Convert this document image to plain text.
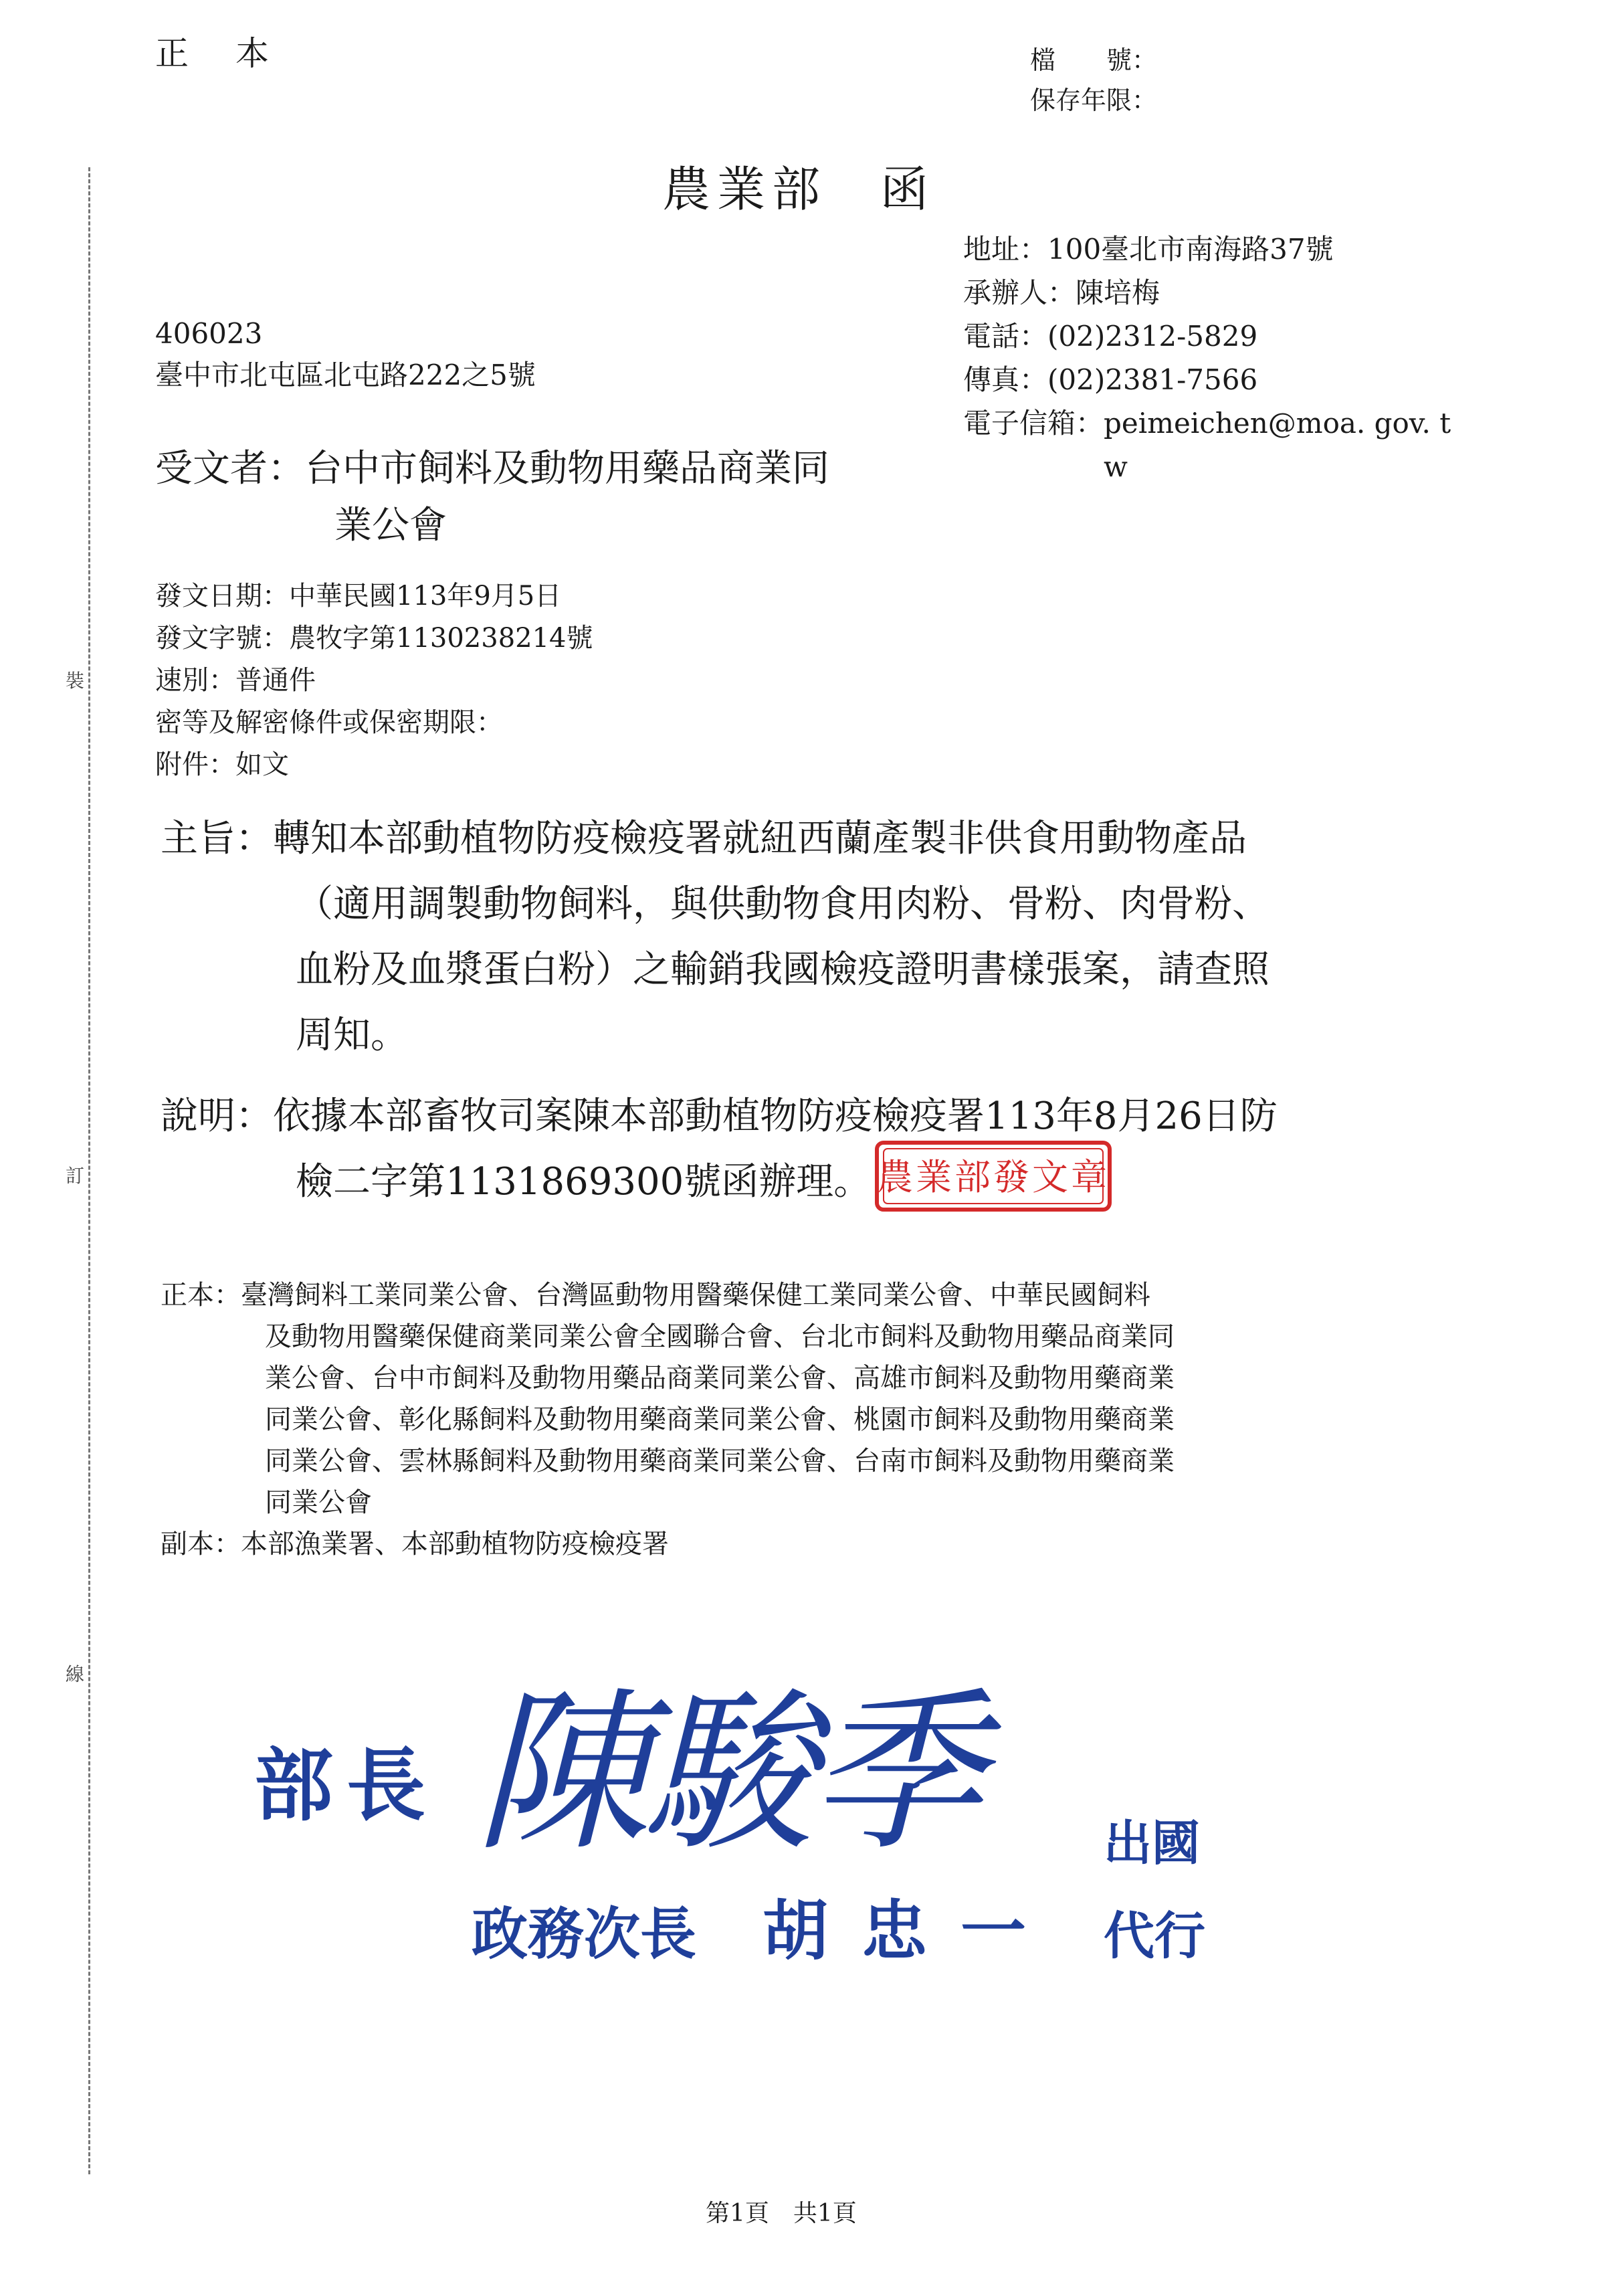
裝
訂
線
正本	檔　　號：
保存年限：
農業部 函
地址：100臺北市南海路37號
承辦人：陳培梅
電話：(02)2312-5829
傳真：(02)2381-7566
電子信箱：peimeichen@moa. gov. t
w
406023
臺中市北屯區北屯路222之5號
受文者：台中市飼料及動物用藥品商業同
業公會
發文日期：中華民國113年9月5日
發文字號：農牧字第1130238214號
速別：普通件
密等及解密條件或保密期限：
附件：如文
主旨：轉知本部動植物防疫檢疫署就紐西蘭產製非供食用動物產品
（適用調製動物飼料，與供動物食用肉粉、骨粉、肉骨粉、
血粉及血漿蛋白粉）之輸銷我國檢疫證明書樣張案，請查照
周知。
說明：依據本部畜牧司案陳本部動植物防疫檢疫署113年8月26日防
檢二字第1131869300號函辦理。 農業部發文章
正本：臺灣飼料工業同業公會、台灣區動物用醫藥保健工業同業公會、中華民國飼料
及動物用醫藥保健商業同業公會全國聯合會、台北市飼料及動物用藥品商業同
業公會、台中市飼料及動物用藥品商業同業公會、高雄市飼料及動物用藥商業
同業公會、彰化縣飼料及動物用藥商業同業公會、桃園市飼料及動物用藥商業
同業公會、雲林縣飼料及動物用藥商業同業公會、台南市飼料及動物用藥商業
同業公會
副本：本部漁業署、本部動植物防疫檢疫署
部長 陳駿季	出國
政務次長 胡忠一 代行
第1頁　共1頁
